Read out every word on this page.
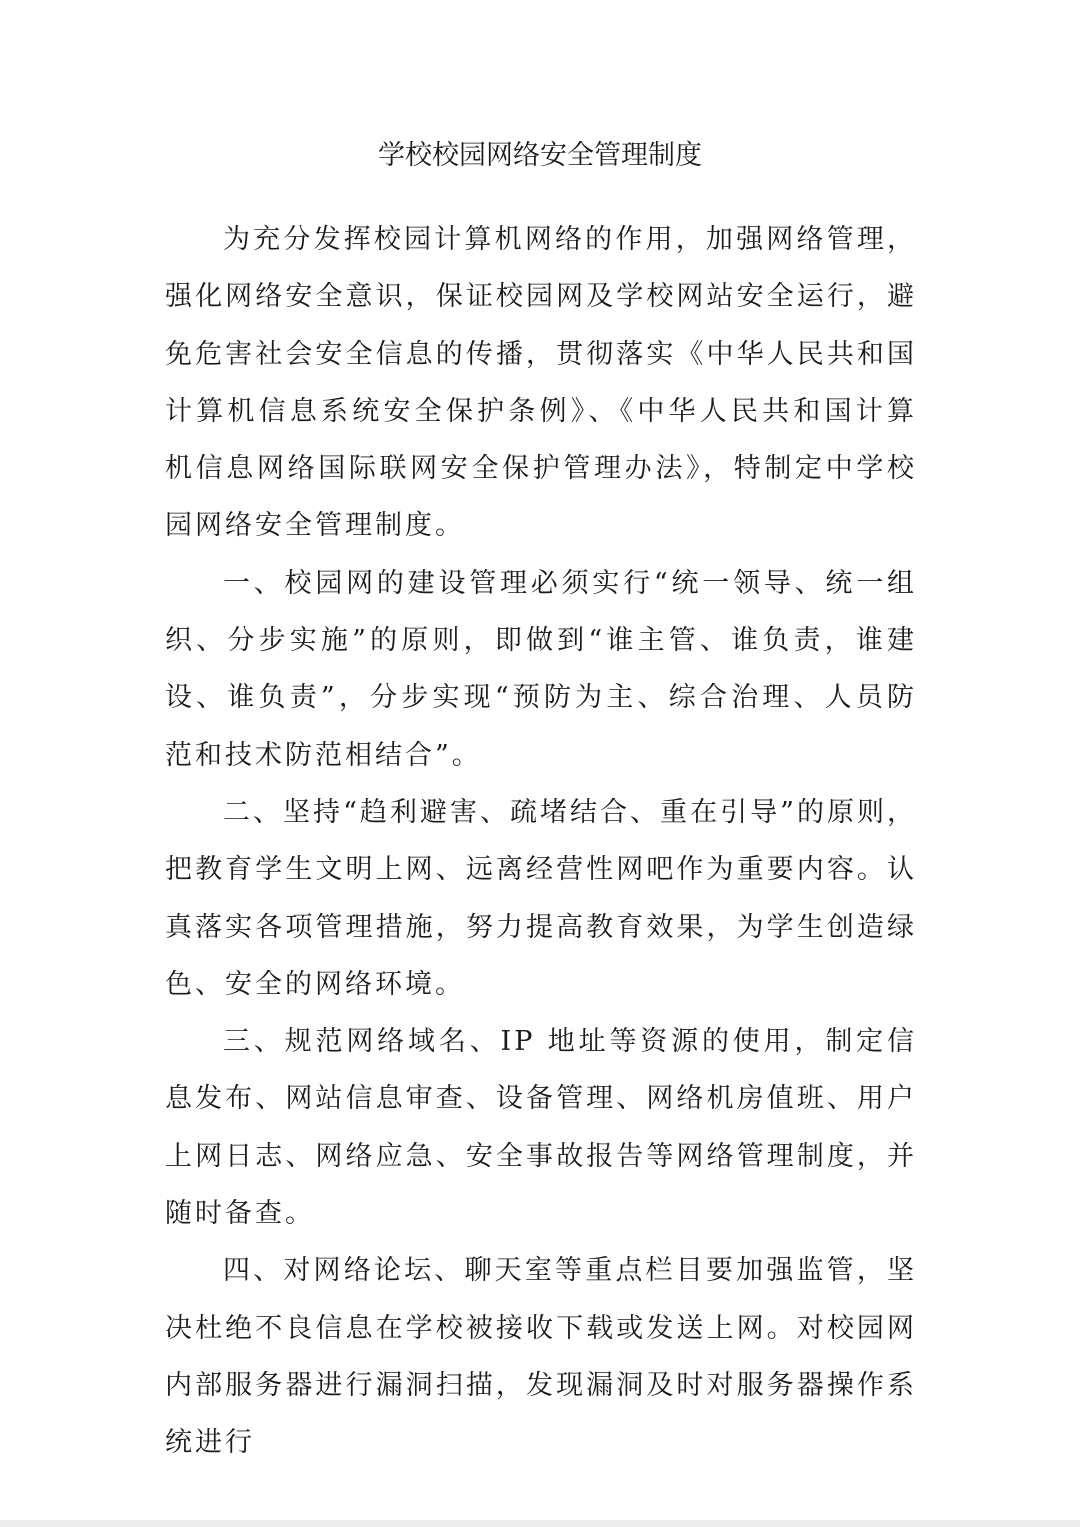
学校校园网络安全管理制度

为充分发挥校园计算机网络的作用，加强网络管理，强化网络安全意识，保证校园网及学校网站安全运行，避免危害社会安全信息的传播，贯彻落实《中华人民共和国计算机信息系统安全保护条例》、《中华人民共和国计算机信息网络国际联网安全保护管理办法》，特制定中学校园网络安全管理制度。

一、校园网的建设管理必须实行“统一领导、统一组织、分步实施”的原则，即做到“谁主管、谁负责，谁建设、谁负责”，分步实现“预防为主、综合治理、人员防范和技术防范相结合”。

二、坚持“趋利避害、疏堵结合、重在引导”的原则，把教育学生文明上网、远离经营性网吧作为重要内容。认真落实各项管理措施，努力提高教育效果，为学生创造绿色、安全的网络环境。

三、规范网络域名、IP 地址等资源的使用，制定信息发布、网站信息审查、设备管理、网络机房值班、用户上网日志、网络应急、安全事故报告等网络管理制度，并随时备查。

四、对网络论坛、聊天室等重点栏目要加强监管，坚决杜绝不良信息在学校被接收下载或发送上网。对校园网内部服务器进行漏洞扫描，发现漏洞及时对服务器操作系统进行
